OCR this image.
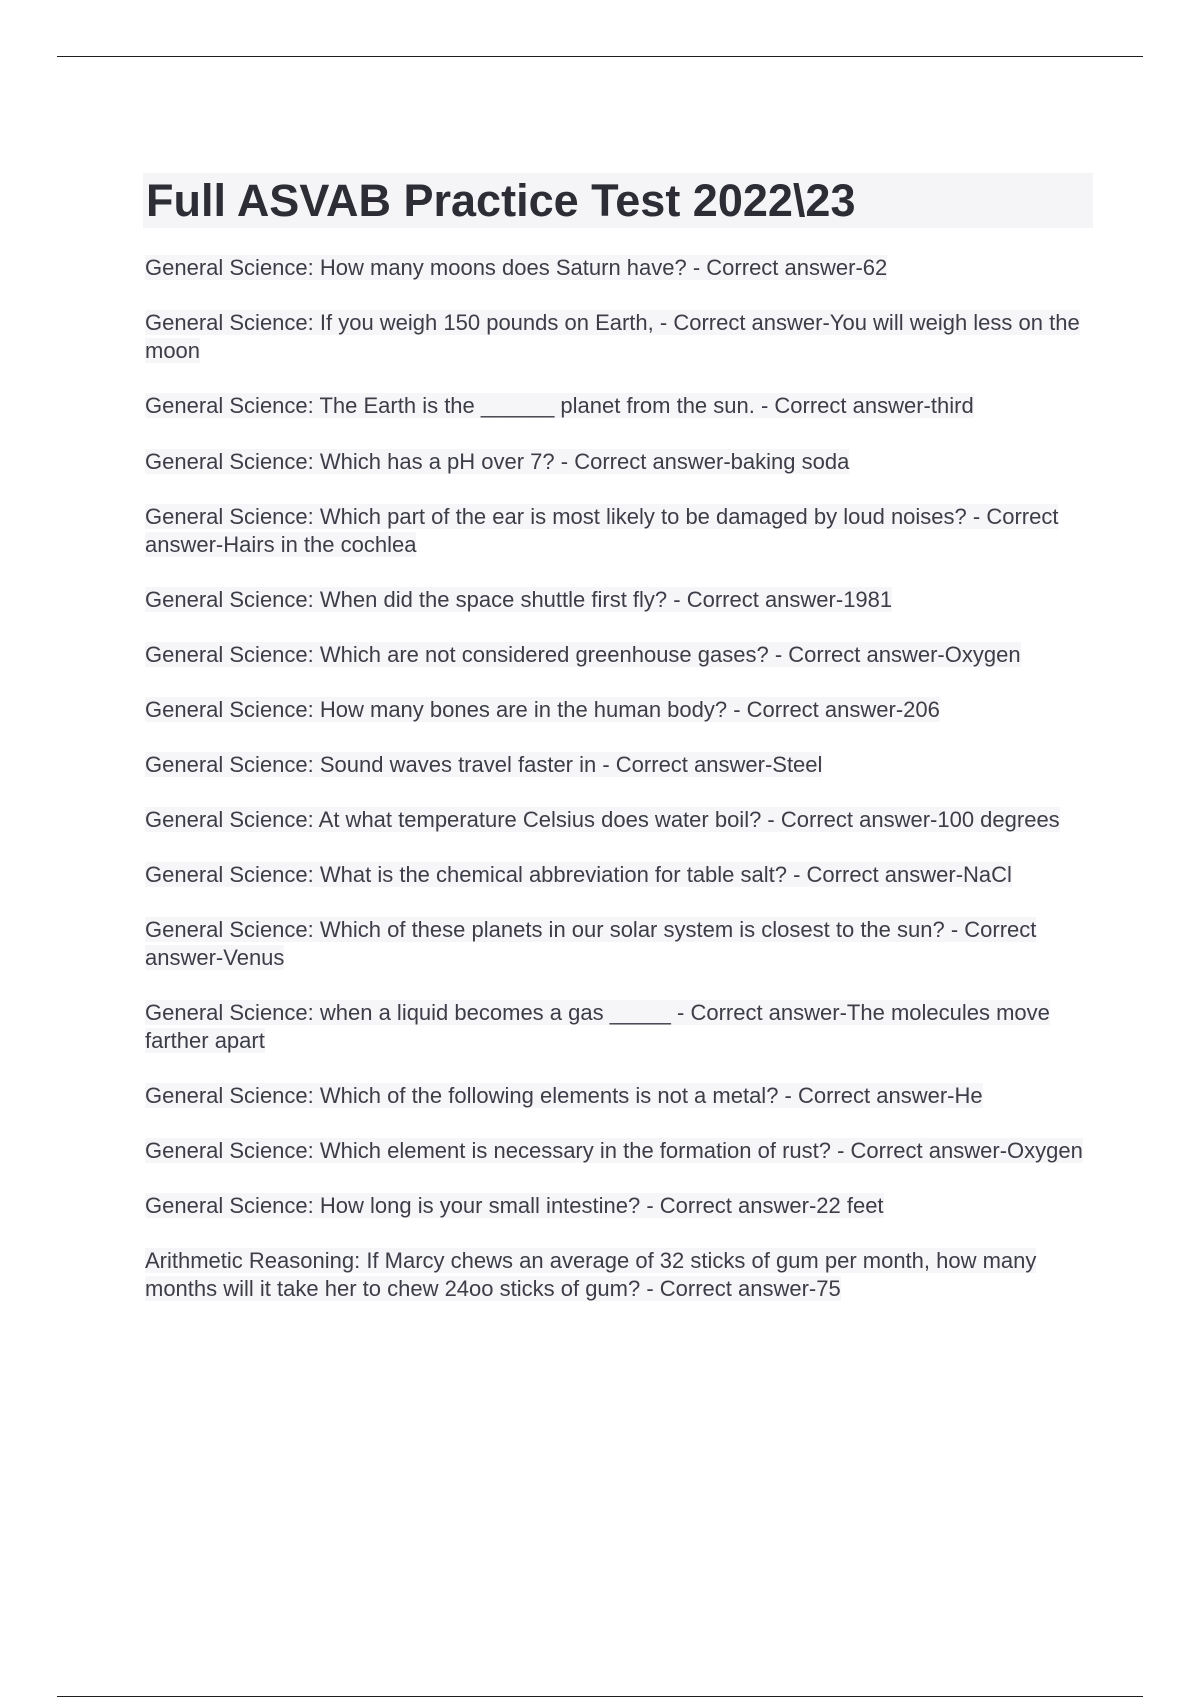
Full ASVAB Practice Test 2022\23
General Science: How many moons does Saturn have? - Correct answer-62
General Science: If you weigh 150 pounds on Earth, - Correct answer-You will weigh less on the moon
General Science: The Earth is the ______ planet from the sun. - Correct answer-third
General Science: Which has a pH over 7? - Correct answer-baking soda
General Science: Which part of the ear is most likely to be damaged by loud noises? - Correct answer-Hairs in the cochlea
General Science: When did the space shuttle first fly? - Correct answer-1981
General Science: Which are not considered greenhouse gases? - Correct answer-Oxygen
General Science: How many bones are in the human body? - Correct answer-206
General Science: Sound waves travel faster in - Correct answer-Steel
General Science: At what temperature Celsius does water boil? - Correct answer-100 degrees
General Science: What is the chemical abbreviation for table salt? - Correct answer-NaCl
General Science: Which of these planets in our solar system is closest to the sun? - Correct answer-Venus
General Science: when a liquid becomes a gas _____ - Correct answer-The molecules move farther apart
General Science: Which of the following elements is not a metal? - Correct answer-He
General Science: Which element is necessary in the formation of rust? - Correct answer-Oxygen
General Science: How long is your small intestine? - Correct answer-22 feet
Arithmetic Reasoning: If Marcy chews an average of 32 sticks of gum per month, how many months will it take her to chew 24oo sticks of gum? - Correct answer-75
